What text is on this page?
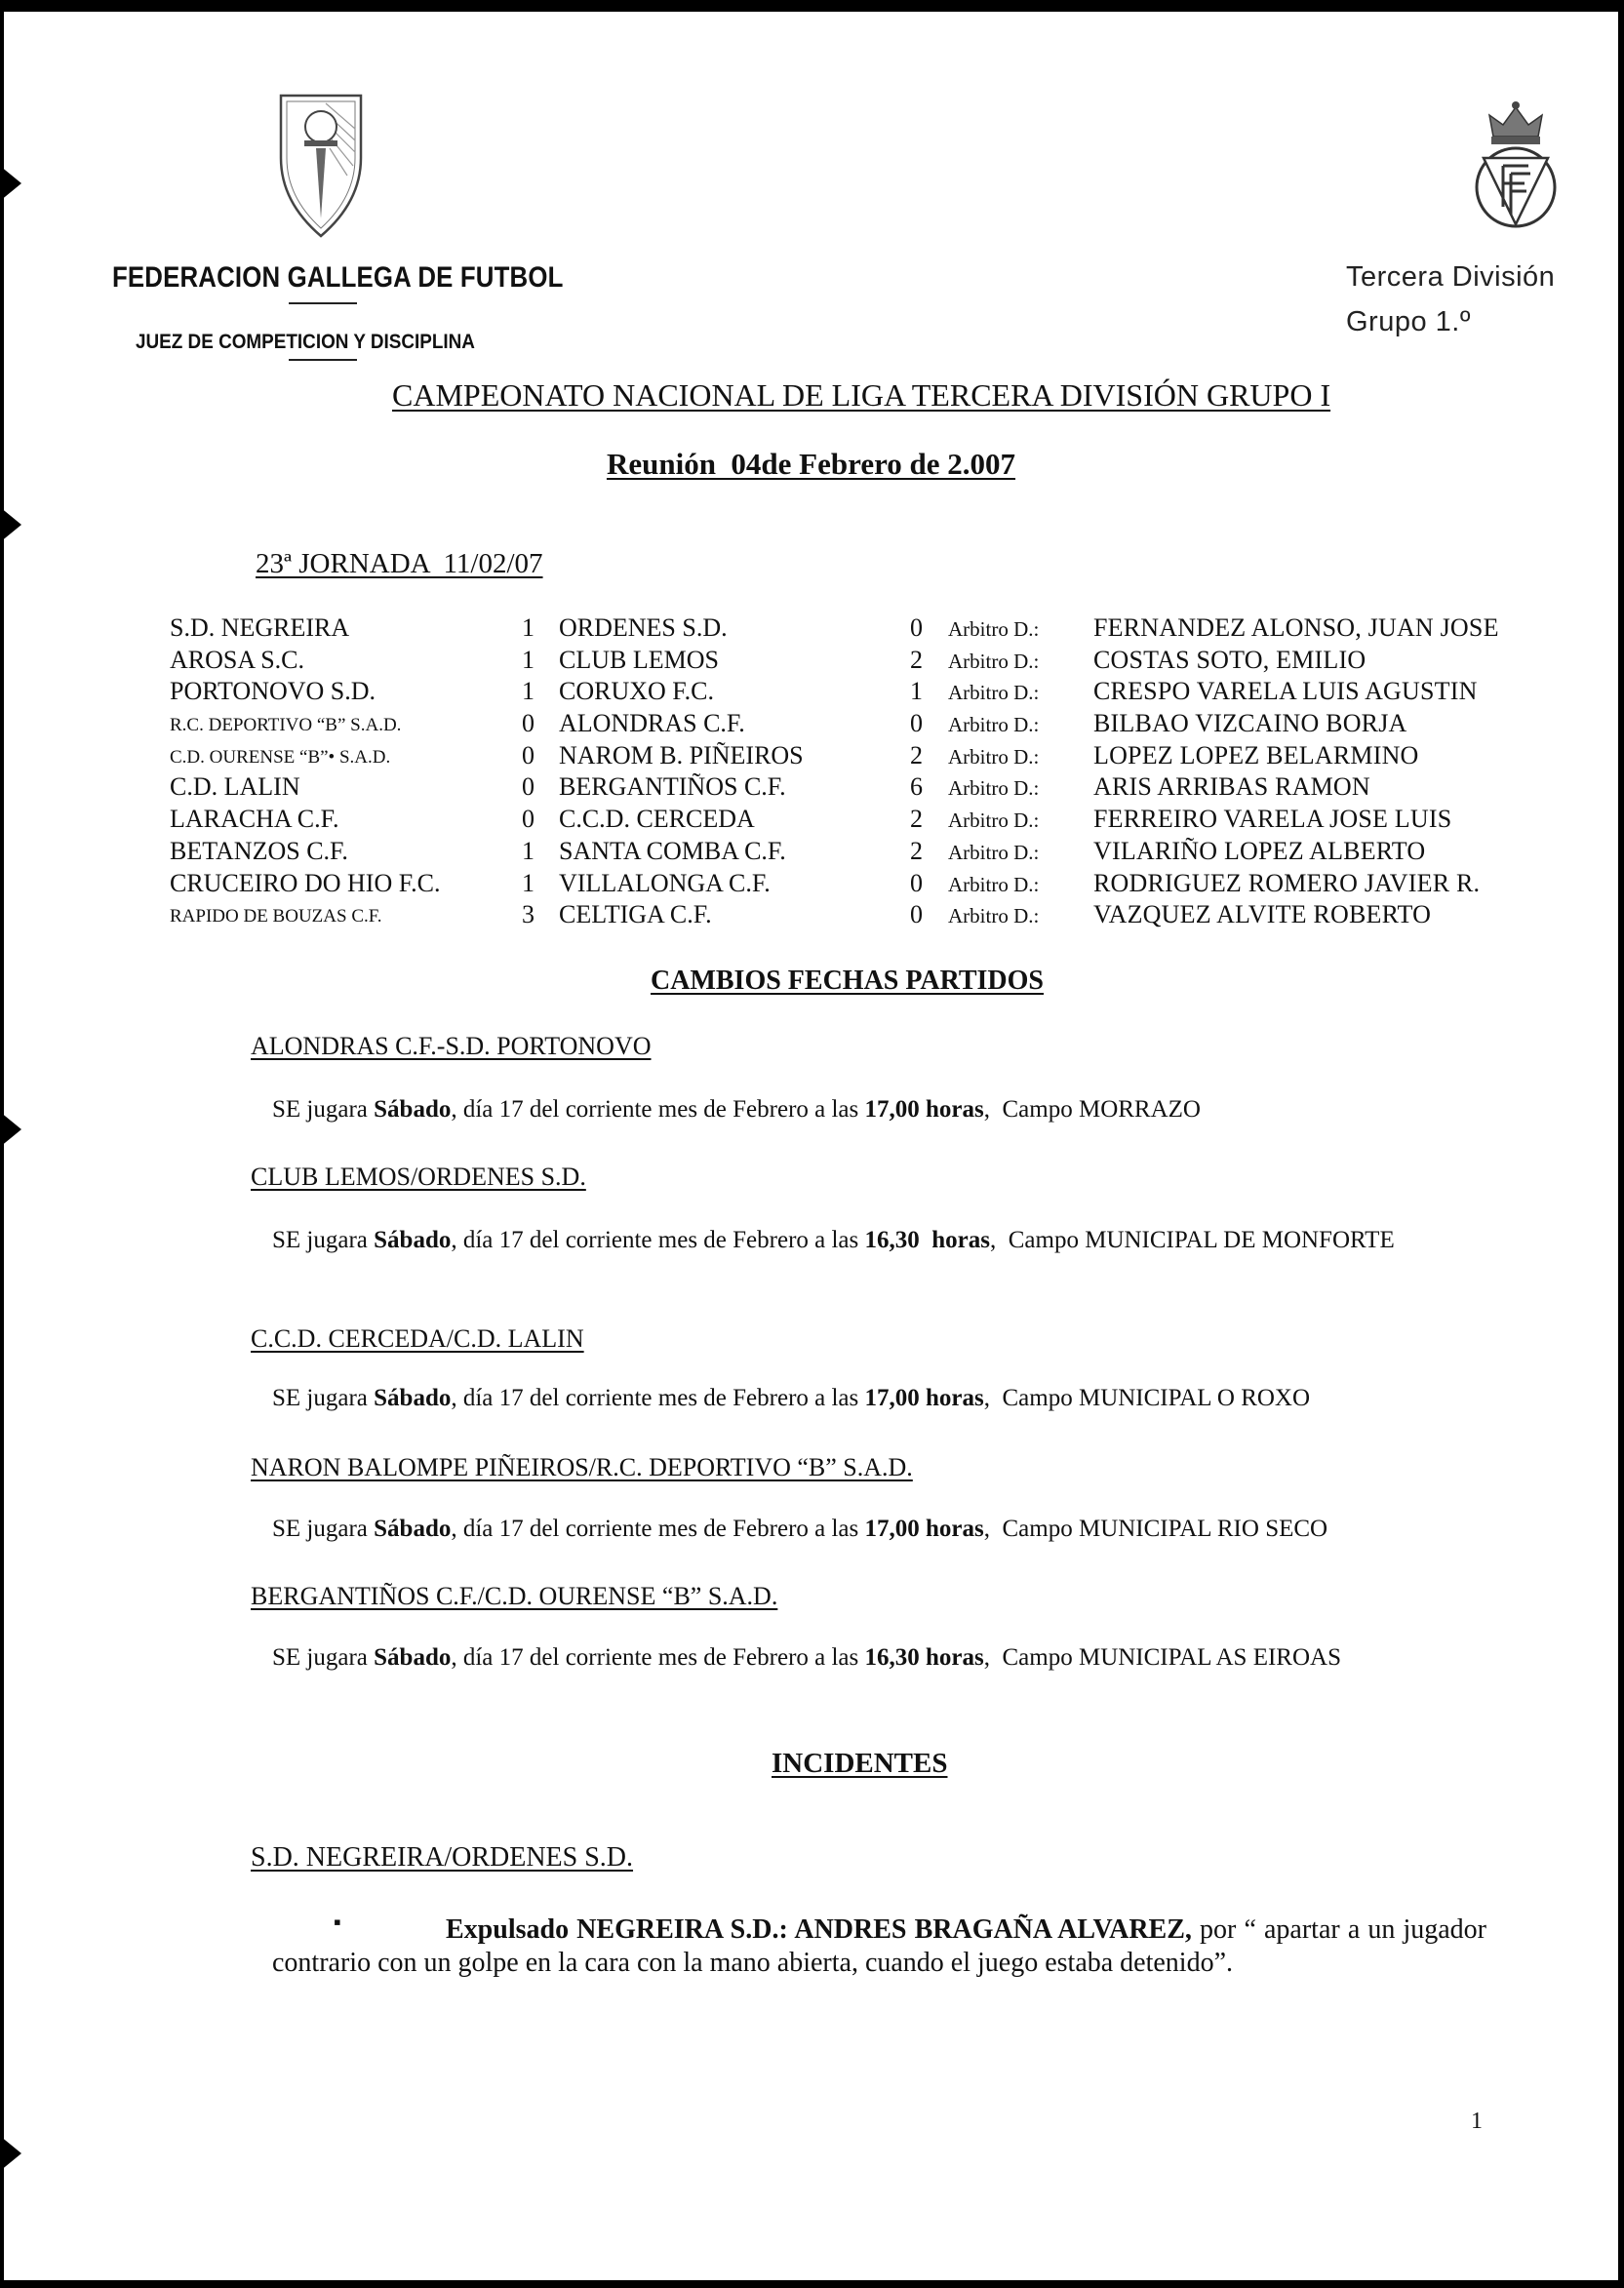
FEDERACION GALLEGA DE FUTBOL
JUEZ DE COMPETICION Y DISCIPLINA
Tercera División
Grupo 1.º
CAMPEONATO NACIONAL DE LIGA TERCERA DIVISIÓN GRUPO I
Reunión  04de Febrero de 2.007
23ª JORNADA  11/02/07
S.D. NEGREIRA	1 ORDENES S.D.	0 Arbitro D.: FERNANDEZ ALONSO, JUAN JOSE
AROSA S.C.	1 CLUB LEMOS	2 Arbitro D.: COSTAS SOTO, EMILIO
PORTONOVO S.D.	1 CORUXO F.C.	1 Arbitro D.: CRESPO VARELA LUIS AGUSTIN
R.C. DEPORTIVO “B” S.A.D.	0 ALONDRAS C.F.	0 Arbitro D.: BILBAO VIZCAINO BORJA
C.D. OURENSE “B”• S.A.D.	0 NAROM B. PIÑEIROS	2 Arbitro D.: LOPEZ LOPEZ BELARMINO
C.D. LALIN	0 BERGANTIÑOS C.F.	6 Arbitro D.: ARIS ARRIBAS RAMON
LARACHA C.F.	0 C.C.D. CERCEDA	2 Arbitro D.: FERREIRO VARELA JOSE LUIS
BETANZOS C.F.	1 SANTA COMBA C.F.	2 Arbitro D.: VILARIÑO LOPEZ ALBERTO
CRUCEIRO DO HIO F.C.	1 VILLALONGA C.F.	0 Arbitro D.: RODRIGUEZ ROMERO JAVIER R.
RAPIDO DE BOUZAS C.F.	3 CELTIGA C.F.	0 Arbitro D.: VAZQUEZ ALVITE ROBERTO
CAMBIOS FECHAS PARTIDOS
ALONDRAS C.F.-S.D. PORTONOVO
SE jugara Sábado, día 17 del corriente mes de Febrero a las 17,00 horas,  Campo MORRAZO
CLUB LEMOS/ORDENES S.D.
SE jugara Sábado, día 17 del corriente mes de Febrero a las 16,30 horas,  Campo MUNICIPAL DE MONFORTE
C.C.D. CERCEDA/C.D. LALIN
SE jugara Sábado, día 17 del corriente mes de Febrero a las 17,00 horas,  Campo MUNICIPAL O ROXO
NARON BALOMPE PIÑEIROS/R.C. DEPORTIVO “B” S.A.D.
SE jugara Sábado, día 17 del corriente mes de Febrero a las 17,00 horas,  Campo MUNICIPAL RIO SECO
BERGANTIÑOS C.F./C.D. OURENSE “B” S.A.D.
SE jugara Sábado, día 17 del corriente mes de Febrero a las 16,30 horas,  Campo MUNICIPAL AS EIROAS
INCIDENTES
S.D. NEGREIRA/ORDENES S.D.
▪	Expulsado NEGREIRA S.D.: ANDRES BRAGAÑA ALVAREZ, por “ apartar a un jugador contrario con un golpe en la cara con la mano abierta, cuando el juego estaba detenido”.
1
